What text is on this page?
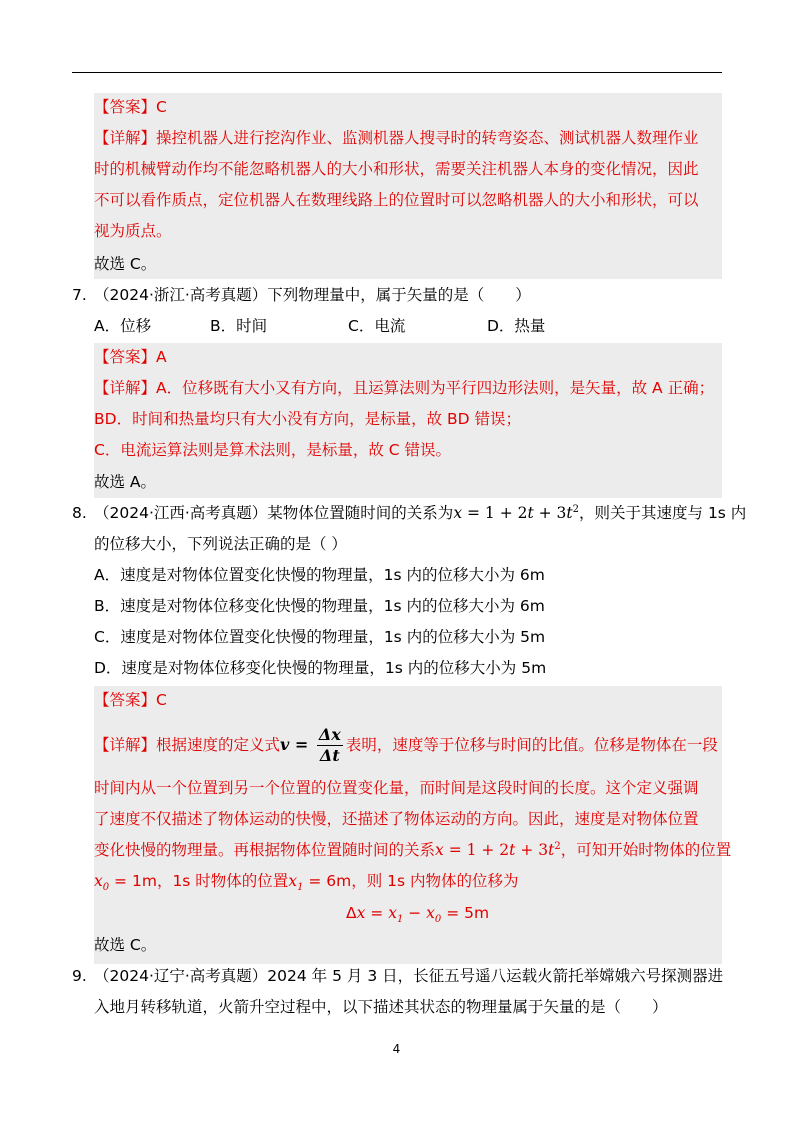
【答案】C
【详解】操控机器人进行挖沟作业、监测机器人搜寻时的转弯姿态、测试机器人数理作业
时的机械臂动作均不能忽略机器人的大小和形状，需要关注机器人本身的变化情况，因此
不可以看作质点，定位机器人在数理线路上的位置时可以忽略机器人的大小和形状，可以
视为质点。
故选 C。
7. （2024·浙江·高考真题）下列物理量中，属于矢量的是（　　）
A．位移	B．时间	C．电流	D．热量
【答案】A
【详解】A．位移既有大小又有方向，且运算法则为平行四边形法则，是矢量，故 A 正确；
BD．时间和热量均只有大小没有方向，是标量，故 BD 错误；
C．电流运算法则是算术法则，是标量，故 C 错误。
故选 A。
8. （2024·江西·高考真题）某物体位置随时间的关系为$x = 1 + 2t + 3t^2$，则关于其速度与 1s 内
的位移大小，下列说法正确的是（ ）
A．速度是对物体位置变化快慢的物理量，1s 内的位移大小为 6m
B．速度是对物体位移变化快慢的物理量，1s 内的位移大小为 6m
C．速度是对物体位置变化快慢的物理量，1s 内的位移大小为 5m
D．速度是对物体位移变化快慢的物理量，1s 内的位移大小为 5m
【答案】C
【详解】根据速度的定义式$v = \frac{\Delta x}{\Delta t}$ 表明，速度等于位移与时间的比值。位移是物体在一段
时间内从一个位置到另一个位置的位置变化量，而时间是这段时间的长度。这个定义强调
了速度不仅描述了物体运动的快慢，还描述了物体运动的方向。因此，速度是对物体位置
变化快慢的物理量。再根据物体位置随时间的关系$x = 1 + 2t + 3t^2$，可知开始时物体的位置
$x_0 = 1m$，1s 时物体的位置$x_1 = 6m$，则 1s 内物体的位移为
$\Delta x = x_1 - x_0 = 5m$
故选 C。
9. （2024·辽宁·高考真题）2024 年 5 月 3 日，长征五号遥八运载火箭托举嫦娥六号探测器进
入地月转移轨道，火箭升空过程中，以下描述其状态的物理量属于矢量的是（　　）
4
